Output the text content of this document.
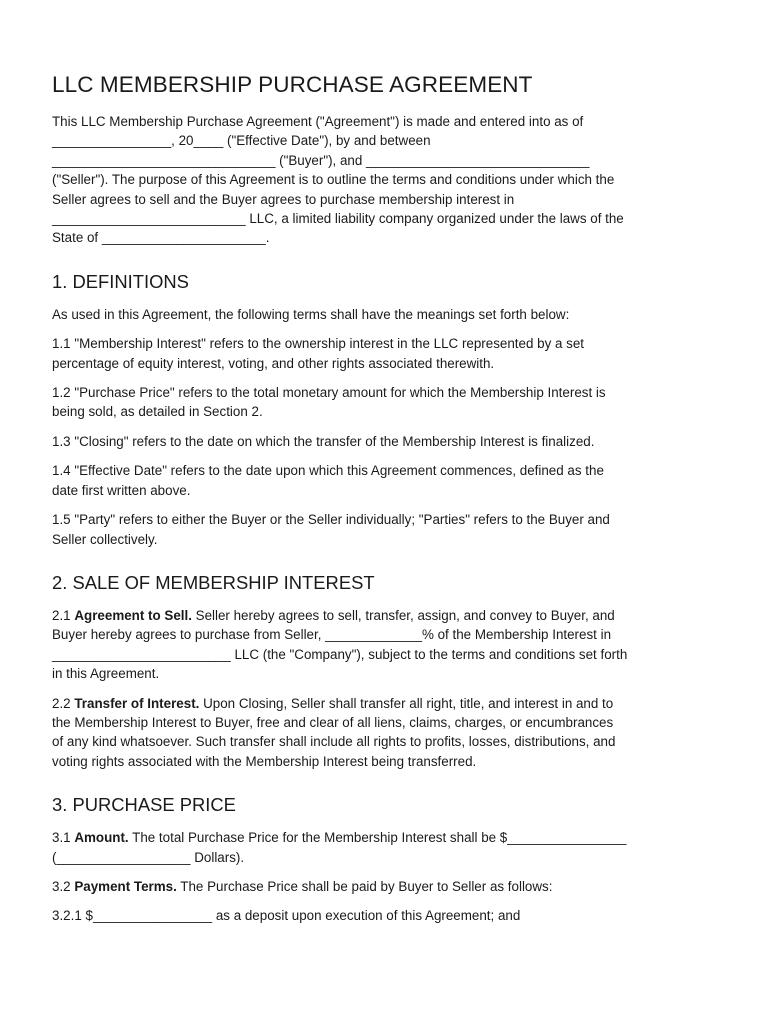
LLC MEMBERSHIP PURCHASE AGREEMENT

This LLC Membership Purchase Agreement ("Agreement") is made and entered into as of
________________, 20____ ("Effective Date"), by and between
______________________________ ("Buyer"), and ______________________________
("Seller"). The purpose of this Agreement is to outline the terms and conditions under which the
Seller agrees to sell and the Buyer agrees to purchase membership interest in
__________________________ LLC, a limited liability company organized under the laws of the
State of ______________________.

1. DEFINITIONS

As used in this Agreement, the following terms shall have the meanings set forth below:

1.1 "Membership Interest" refers to the ownership interest in the LLC represented by a set
percentage of equity interest, voting, and other rights associated therewith.

1.2 "Purchase Price" refers to the total monetary amount for which the Membership Interest is
being sold, as detailed in Section 2.

1.3 "Closing" refers to the date on which the transfer of the Membership Interest is finalized.

1.4 "Effective Date" refers to the date upon which this Agreement commences, defined as the
date first written above.

1.5 "Party" refers to either the Buyer or the Seller individually; "Parties" refers to the Buyer and
Seller collectively.

2. SALE OF MEMBERSHIP INTEREST

2.1 Agreement to Sell. Seller hereby agrees to sell, transfer, assign, and convey to Buyer, and
Buyer hereby agrees to purchase from Seller, _____________% of the Membership Interest in
________________________ LLC (the "Company"), subject to the terms and conditions set forth
in this Agreement.

2.2 Transfer of Interest. Upon Closing, Seller shall transfer all right, title, and interest in and to
the Membership Interest to Buyer, free and clear of all liens, claims, charges, or encumbrances
of any kind whatsoever. Such transfer shall include all rights to profits, losses, distributions, and
voting rights associated with the Membership Interest being transferred.

3. PURCHASE PRICE

3.1 Amount. The total Purchase Price for the Membership Interest shall be $________________
(__________________ Dollars).

3.2 Payment Terms. The Purchase Price shall be paid by Buyer to Seller as follows:

3.2.1 $________________ as a deposit upon execution of this Agreement; and
